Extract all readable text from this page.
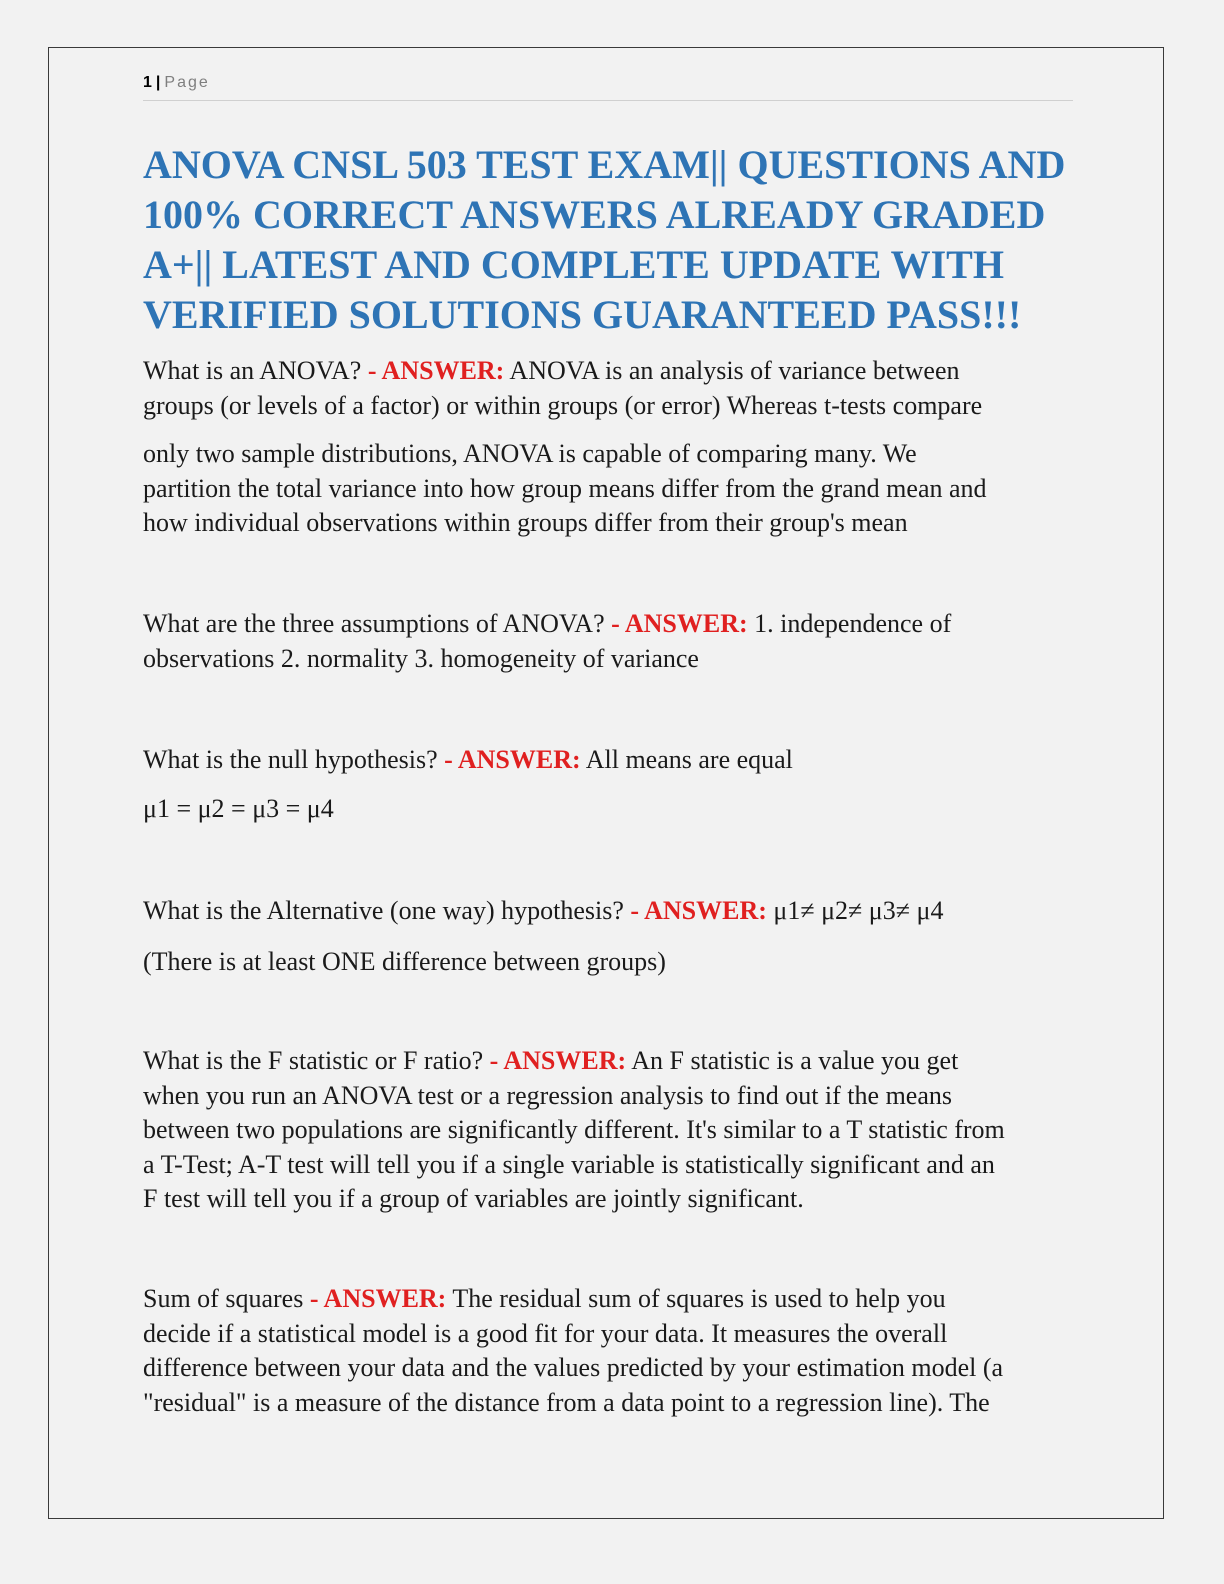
1 | Page
ANOVA CNSL 503 TEST EXAM|| QUESTIONS AND
100% CORRECT ANSWERS ALREADY GRADED
A+|| LATEST AND COMPLETE UPDATE WITH
VERIFIED SOLUTIONS GUARANTEED PASS!!!
What is an ANOVA? - ANSWER: ANOVA is an analysis of variance between
groups (or levels of a factor) or within groups (or error) Whereas t-tests compare
only two sample distributions, ANOVA is capable of comparing many. We
partition the total variance into how group means differ from the grand mean and
how individual observations within groups differ from their group's mean
What are the three assumptions of ANOVA? - ANSWER: 1. independence of
observations 2. normality 3. homogeneity of variance
What is the null hypothesis? - ANSWER: All means are equal
μ1 = μ2 = μ3 = μ4
What is the Alternative (one way) hypothesis? - ANSWER: μ1≠ μ2≠ μ3≠ μ4
(There is at least ONE difference between groups)
What is the F statistic or F ratio? - ANSWER: An F statistic is a value you get
when you run an ANOVA test or a regression analysis to find out if the means
between two populations are significantly different. It's similar to a T statistic from
a T-Test; A-T test will tell you if a single variable is statistically significant and an
F test will tell you if a group of variables are jointly significant.
Sum of squares - ANSWER: The residual sum of squares is used to help you
decide if a statistical model is a good fit for your data. It measures the overall
difference between your data and the values predicted by your estimation model (a
"residual" is a measure of the distance from a data point to a regression line). The
